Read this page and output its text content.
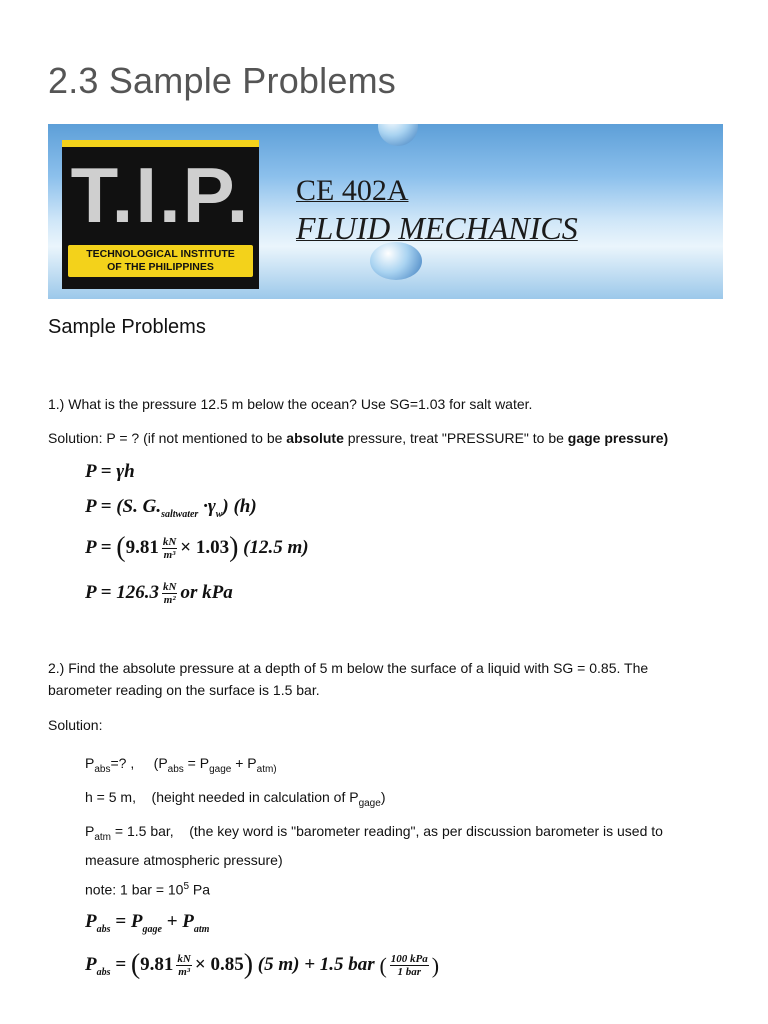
2.3 Sample Problems
T.I.P.
TECHNOLOGICAL INSTITUTE
OF THE PHILIPPINES
CE 402A
FLUID MECHANICS
Sample Problems
1.) What is the pressure 12.5 m below the ocean? Use SG=1.03 for salt water.
Solution: P = ? (if not mentioned to be absolute pressure, treat "PRESSURE" to be gage pressure)
P = γh
P = (S. $G._{saltwater} \cdot\gamma_w$) (h)
$P = (9.81 \frac{kN}{\text{m³}} \times 1.03)$ (12.5 m)
$P = 126.3 \frac{kN}{\text{m²}}$ or kPa
2.) Find the absolute pressure at a depth of 5 m below the surface of a liquid with SG = 0.85. The
barometer reading on the surface is 1.5 bar.
Solution:
$P_{abs}=$? ,     ($P_{abs} = P_{gage} + P_{atm)}$
h = 5 m,    (height needed in calculation of $P_{gage}$)
$P_{atm} = 1.5$ bar,    (the key word is "barometer reading", as per discussion barometer is used to
measure atmospheric pressure)
note: 1 bar = $10^5$ Pa
$P_{abs} = P_{gage} + P_{atm}$
$P_{abs} = (9.81 \frac{kN}{\text{m³}} \times 0.85)$ (5 m) + 1.5 bar ( $\frac{\text{100 kPa}}{\text{1 bar}}$ )
